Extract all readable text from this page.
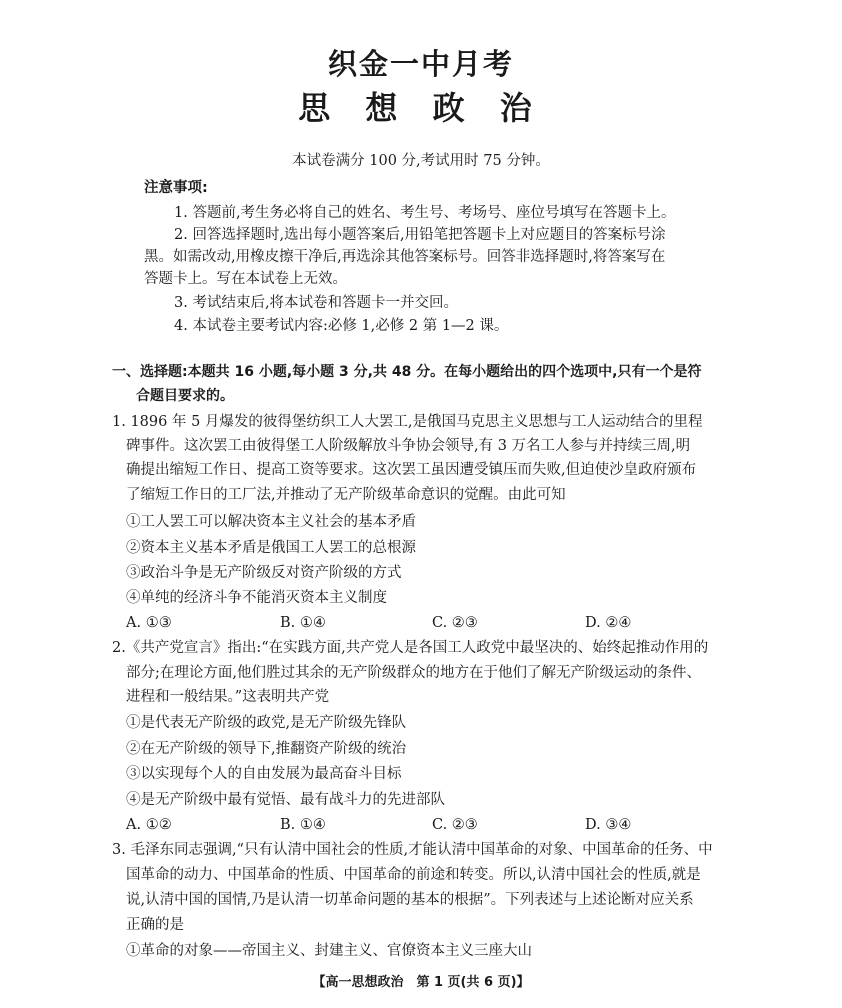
织金一中月考
思 想 政 治
本试卷满分 100 分,考试用时 75 分钟。
注意事项:
1. 答题前,考生务必将自己的姓名、考生号、考场号、座位号填写在答题卡上。
2. 回答选择题时,选出每小题答案后,用铅笔把答题卡上对应题目的答案标号涂
黑。如需改动,用橡皮擦干净后,再选涂其他答案标号。回答非选择题时,将答案写在
答题卡上。写在本试卷上无效。
3. 考试结束后,将本试卷和答题卡一并交回。
4. 本试卷主要考试内容:必修 1,必修 2 第 1—2 课。
一、选择题:本题共 16 小题,每小题 3 分,共 48 分。在每小题给出的四个选项中,只有一个是符
合题目要求的。
1. 1896 年 5 月爆发的彼得堡纺织工人大罢工,是俄国马克思主义思想与工人运动结合的里程
碑事件。这次罢工由彼得堡工人阶级解放斗争协会领导,有 3 万名工人参与并持续三周,明
确提出缩短工作日、提高工资等要求。这次罢工虽因遭受镇压而失败,但迫使沙皇政府颁布
了缩短工作日的工厂法,并推动了无产阶级革命意识的觉醒。由此可知
①工人罢工可以解决资本主义社会的基本矛盾
②资本主义基本矛盾是俄国工人罢工的总根源
③政治斗争是无产阶级反对资产阶级的方式
④单纯的经济斗争不能消灭资本主义制度
A. ①③	B. ①④	C. ②③	D. ②④
2.《共产党宣言》指出:“在实践方面,共产党人是各国工人政党中最坚决的、始终起推动作用的
部分;在理论方面,他们胜过其余的无产阶级群众的地方在于他们了解无产阶级运动的条件、
进程和一般结果。”这表明共产党
①是代表无产阶级的政党,是无产阶级先锋队
②在无产阶级的领导下,推翻资产阶级的统治
③以实现每个人的自由发展为最高奋斗目标
④是无产阶级中最有觉悟、最有战斗力的先进部队
A. ①②	B. ①④	C. ②③	D. ③④
3. 毛泽东同志强调,“只有认清中国社会的性质,才能认清中国革命的对象、中国革命的任务、中
国革命的动力、中国革命的性质、中国革命的前途和转变。所以,认清中国社会的性质,就是
说,认清中国的国情,乃是认清一切革命问题的基本的根据”。下列表述与上述论断对应关系
正确的是
①革命的对象——帝国主义、封建主义、官僚资本主义三座大山
【高一思想政治　第 1 页(共 6 页)】
